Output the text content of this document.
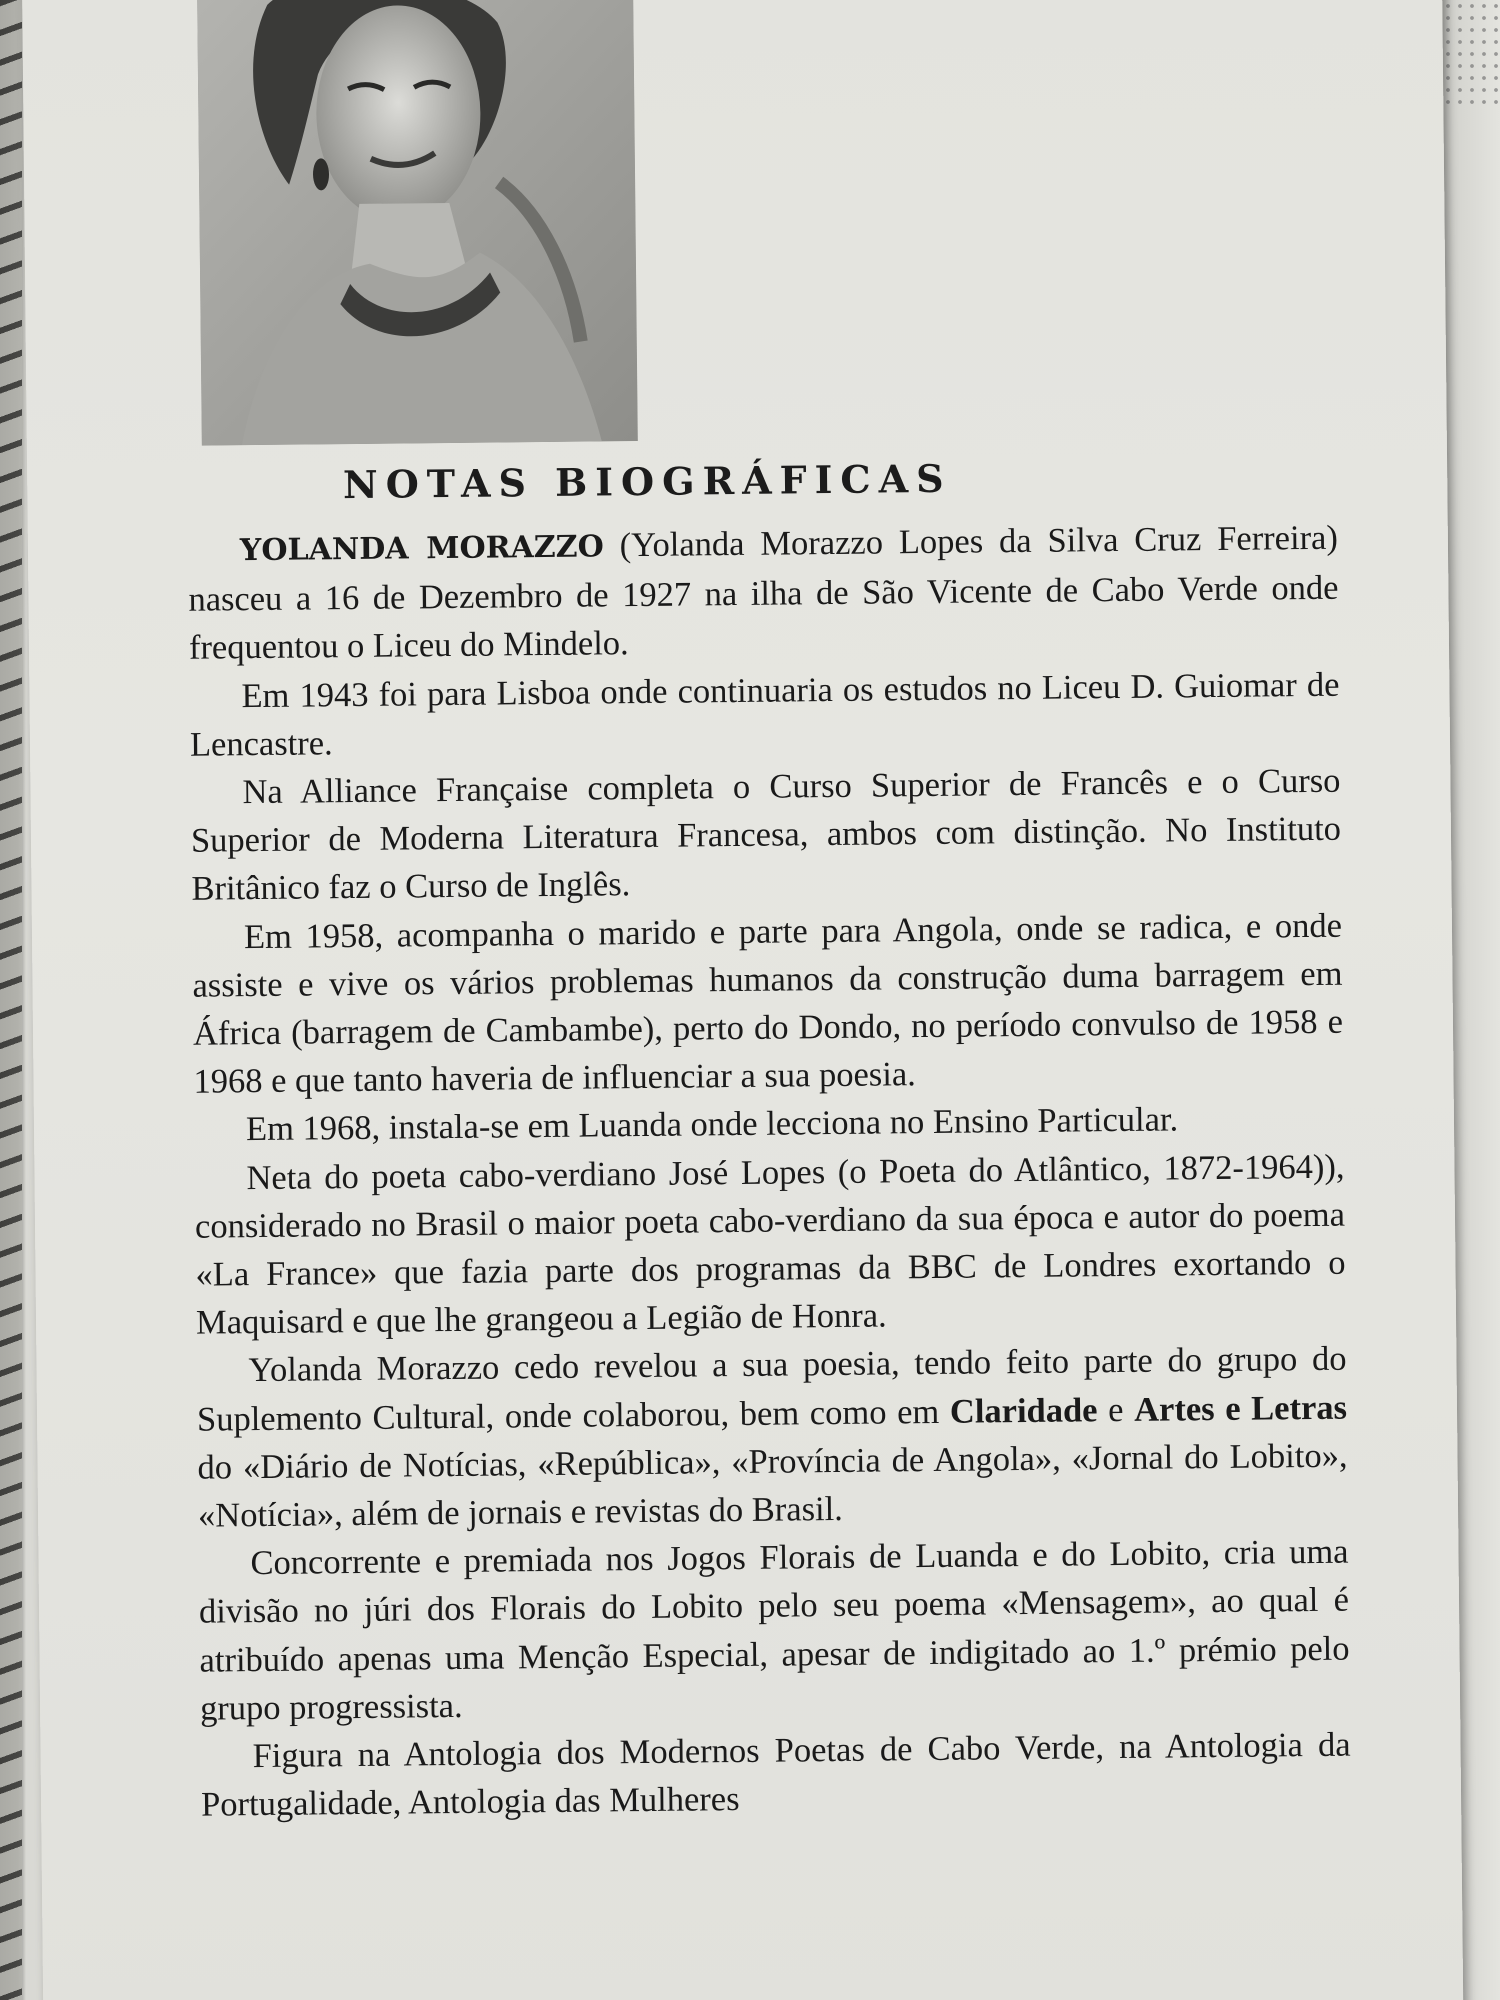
NOTAS BIOGRÁFICAS

YOLANDA MORAZZO (Yolanda Morazzo Lopes da Silva Cruz Ferreira) nasceu a 16 de Dezembro de 1927 na ilha de São Vicente de Cabo Verde onde frequentou o Liceu do Mindelo.

Em 1943 foi para Lisboa onde continuaria os estudos no Liceu D. Guiomar de Lencastre.

Na Alliance Française completa o Curso Superior de Francês e o Curso Superior de Moderna Literatura Francesa, ambos com distinção. No Instituto Britânico faz o Curso de Inglês.

Em 1958, acompanha o marido e parte para Angola, onde se radica, e onde assiste e vive os vários problemas humanos da construção duma barragem em África (barragem de Cambambe), perto do Dondo, no período convulso de 1958 e 1968 e que tanto haveria de influenciar a sua poesia.

Em 1968, instala-se em Luanda onde lecciona no Ensino Particular.

Neta do poeta cabo-verdiano José Lopes (o Poeta do Atlântico, 1872-1964)), considerado no Brasil o maior poeta cabo-verdiano da sua época e autor do poema «La France» que fazia parte dos programas da BBC de Londres exortando o Maquisard e que lhe grangeou a Legião de Honra.

Yolanda Morazzo cedo revelou a sua poesia, tendo feito parte do grupo do Suplemento Cultural, onde colaborou, bem como em Claridade e Artes e Letras do «Diário de Notícias, «República», «Província de Angola», «Jornal do Lobito», «Notícia», além de jornais e revistas do Brasil.

Concorrente e premiada nos Jogos Florais de Luanda e do Lobito, cria uma divisão no júri dos Florais do Lobito pelo seu poema «Mensagem», ao qual é atribuído apenas uma Menção Especial, apesar de indigitado ao 1.º prémio pelo grupo progressista.

Figura na Antologia dos Modernos Poetas de Cabo Verde, na Antologia da Portugalidade, Antologia das Mulheres
